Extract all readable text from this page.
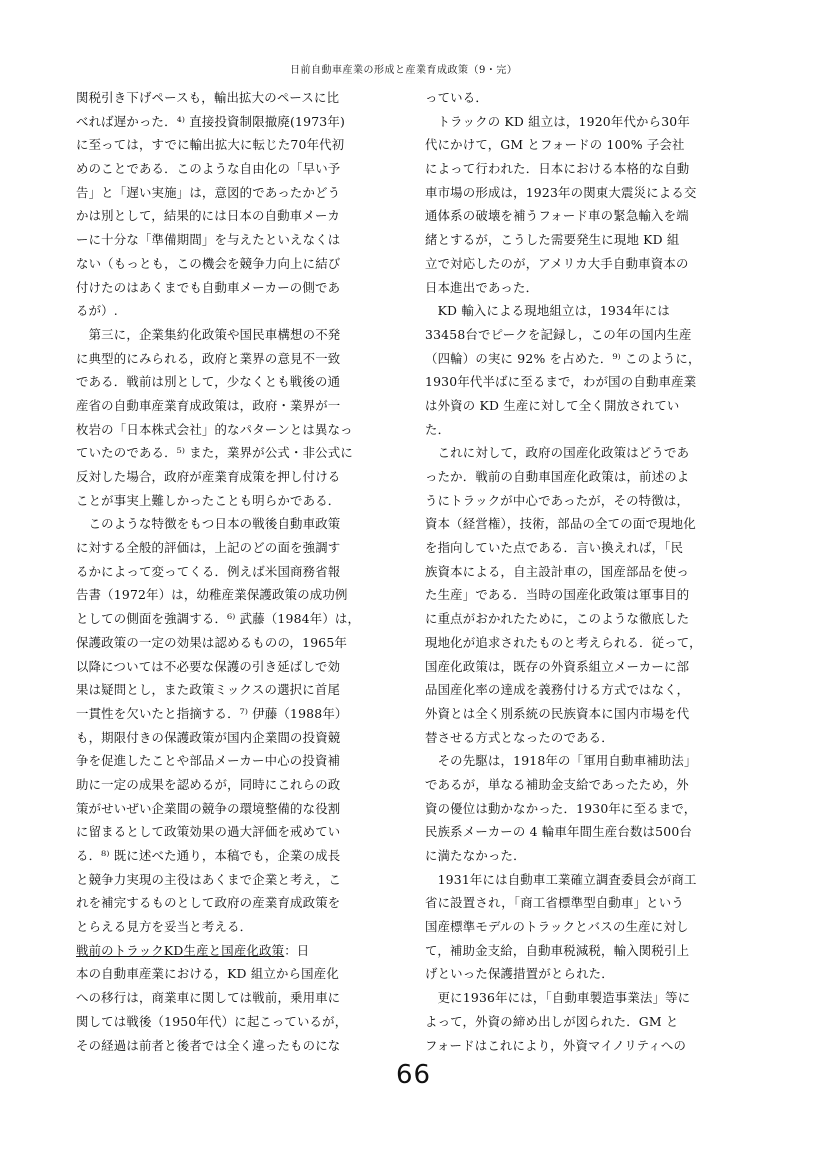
日前自動車産業の形成と産業育成政策（9・完）
関税引き下げペースも，輸出拡大のペースに比
べれば遅かった．⁴⁾ 直接投資制限撤廃(1973年)
に至っては，すでに輸出拡大に転じた70年代初
めのことである．このような自由化の「早い予
告」と「遅い実施」は，意図的であったかどう
かは別として，結果的には日本の自動車メーカ
ーに十分な「準備期間」を与えたといえなくは
ない（もっとも，この機会を競争力向上に結び
付けたのはあくまでも自動車メーカーの側であ
るが）.
　第三に，企業集約化政策や国民車構想の不発
に典型的にみられる，政府と業界の意見不一致
である．戦前は別として，少なくとも戦後の通
産省の自動車産業育成政策は，政府・業界が一
枚岩の「日本株式会社」的なパターンとは異なっ
ていたのである．⁵⁾ また，業界が公式・非公式に
反対した場合，政府が産業育成策を押し付ける
ことが事実上難しかったことも明らかである．
　このような特徴をもつ日本の戦後自動車政策
に対する全般的評価は，上記のどの面を強調す
るかによって変ってくる．例えば米国商務省報
告書（1972年）は，幼稚産業保護政策の成功例
としての側面を強調する．⁶⁾ 武藤（1984年）は，
保護政策の一定の効果は認めるものの，1965年
以降については不必要な保護の引き延ばしで効
果は疑問とし，また政策ミックスの選択に首尾
一貫性を欠いたと指摘する．⁷⁾ 伊藤（1988年）
も，期限付きの保護政策が国内企業間の投資競
争を促進したことや部品メーカー中心の投資補
助に一定の成果を認めるが，同時にこれらの政
策がせいぜい企業間の競争の環境整備的な役割
に留まるとして政策効果の過大評価を戒めてい
る．⁸⁾ 既に述べた通り，本稿でも，企業の成長
と競争力実現の主役はあくまで企業と考え，こ
れを補完するものとして政府の産業育成政策を
とらえる見方を妥当と考える．
戦前のトラックKD生産と国産化政策：日
本の自動車産業における，KD 組立から国産化
への移行は，商業車に関しては戦前，乗用車に
関しては戦後（1950年代）に起こっているが，
その経過は前者と後者では全く違ったものにな
っている．
　トラックの KD 組立は，1920年代から30年
代にかけて，GM とフォードの 100% 子会社
によって行われた．日本における本格的な自動
車市場の形成は，1923年の関東大震災による交
通体系の破壊を補うフォード車の緊急輸入を端
緒とするが，こうした需要発生に現地 KD 組
立で対応したのが，アメリカ大手自動車資本の
日本進出であった．
　KD 輸入による現地組立は，1934年には
33458台でピークを記録し，この年の国内生産
（四輪）の実に 92% を占めた．⁹⁾ このように，
1930年代半ばに至るまで，わが国の自動車産業
は外資の KD 生産に対して全く開放されてい
た．
　これに対して，政府の国産化政策はどうであ
ったか．戦前の自動車国産化政策は，前述のよ
うにトラックが中心であったが，その特徴は，
資本（経営権），技術，部品の全ての面で現地化
を指向していた点である．言い換えれば，「民
族資本による，自主設計車の，国産部品を使っ
た生産」である．当時の国産化政策は軍事目的
に重点がおかれたために，このような徹底した
現地化が追求されたものと考えられる．従って，
国産化政策は，既存の外資系組立メーカーに部
品国産化率の達成を義務付ける方式ではなく，
外資とは全く別系統の民族資本に国内市場を代
替させる方式となったのである．
　その先駆は，1918年の「軍用自動車補助法」
であるが，単なる補助金支給であったため，外
資の優位は動かなかった．1930年に至るまで，
民族系メーカーの 4 輪車年間生産台数は500台
に満たなかった．
　1931年には自動車工業確立調査委員会が商工
省に設置され，「商工省標準型自動車」という
国産標準モデルのトラックとバスの生産に対し
て，補助金支給，自動車税減税，輸入関税引上
げといった保護措置がとられた．
　更に1936年には，「自動車製造事業法」等に
よって，外資の締め出しが図られた．GM と
フォードはこれにより，外資マイノリティへの
66
